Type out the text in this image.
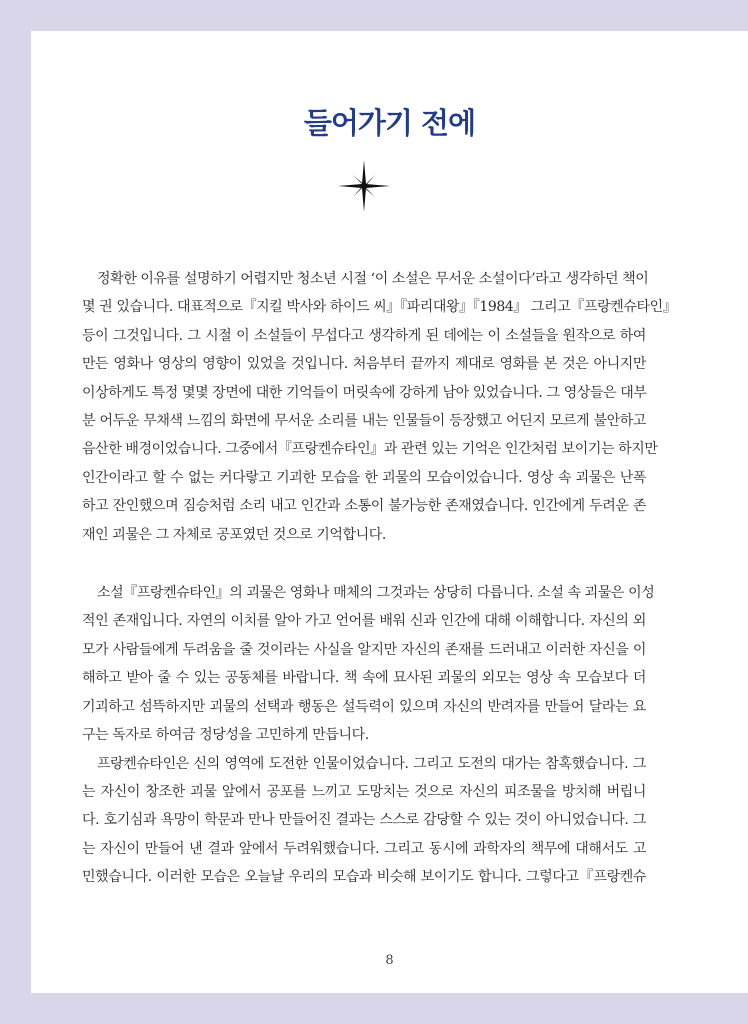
들어가기 전에
정확한 이유를 설명하기 어렵지만 청소년 시절 ‘이 소설은 무서운 소설이다’라고 생각하던 책이
몇 권 있습니다. 대표적으로『지킬 박사와 하이드 씨』『파리대왕』『1984』 그리고『프랑켄슈타인』
등이 그것입니다. 그 시절 이 소설들이 무섭다고 생각하게 된 데에는 이 소설들을 원작으로 하여
만든 영화나 영상의 영향이 있었을 것입니다. 처음부터 끝까지 제대로 영화를 본 것은 아니지만
이상하게도 특정 몇몇 장면에 대한 기억들이 머릿속에 강하게 남아 있었습니다. 그 영상들은 대부
분 어두운 무채색 느낌의 화면에 무서운 소리를 내는 인물들이 등장했고 어딘지 모르게 불안하고
음산한 배경이었습니다. 그중에서『프랑켄슈타인』과 관련 있는 기억은 인간처럼 보이기는 하지만
인간이라고 할 수 없는 커다랗고 기괴한 모습을 한 괴물의 모습이었습니다. 영상 속 괴물은 난폭
하고 잔인했으며 짐승처럼 소리 내고 인간과 소통이 불가능한 존재였습니다. 인간에게 두려운 존
재인 괴물은 그 자체로 공포였던 것으로 기억합니다.
소설『프랑켄슈타인』의 괴물은 영화나 매체의 그것과는 상당히 다릅니다. 소설 속 괴물은 이성
적인 존재입니다. 자연의 이치를 알아 가고 언어를 배워 신과 인간에 대해 이해합니다. 자신의 외
모가 사람들에게 두려움을 줄 것이라는 사실을 알지만 자신의 존재를 드러내고 이러한 자신을 이
해하고 받아 줄 수 있는 공동체를 바랍니다. 책 속에 묘사된 괴물의 외모는 영상 속 모습보다 더
기괴하고 섬뜩하지만 괴물의 선택과 행동은 설득력이 있으며 자신의 반려자를 만들어 달라는 요
구는 독자로 하여금 정당성을 고민하게 만듭니다.
프랑켄슈타인은 신의 영역에 도전한 인물이었습니다. 그리고 도전의 대가는 참혹했습니다. 그
는 자신이 창조한 괴물 앞에서 공포를 느끼고 도망치는 것으로 자신의 피조물을 방치해 버립니
다. 호기심과 욕망이 학문과 만나 만들어진 결과는 스스로 감당할 수 있는 것이 아니었습니다. 그
는 자신이 만들어 낸 결과 앞에서 두려워했습니다. 그리고 동시에 과학자의 책무에 대해서도 고
민했습니다. 이러한 모습은 오늘날 우리의 모습과 비슷해 보이기도 합니다. 그렇다고『프랑켄슈
8
